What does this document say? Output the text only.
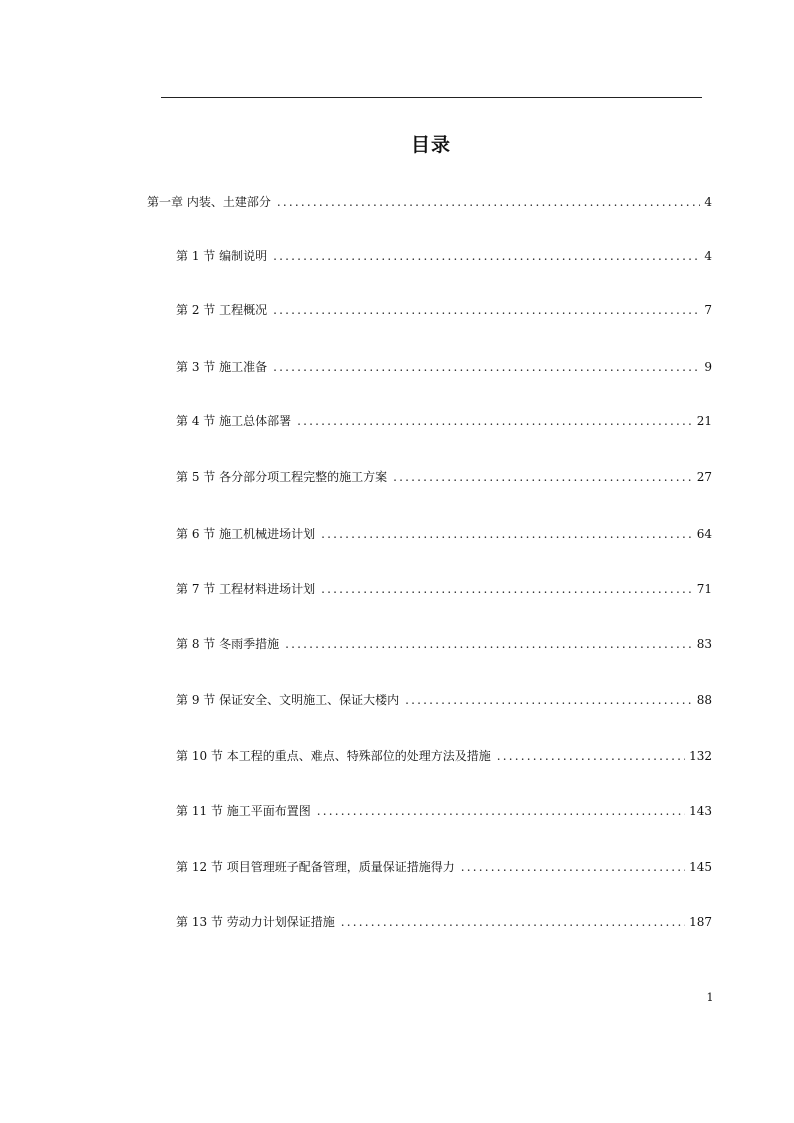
目录
第一章 内装、土建部分 .....	4
第 1 节 编制说明 .....	4
第 2 节 工程概况 .....	7
第 3 节 施工准备 .....	9
第 4 节 施工总体部署 .....	21
第 5 节 各分部分项工程完整的施工方案 .....	27
第 6 节 施工机械进场计划 .....	64
第 7 节 工程材料进场计划 .....	71
第 8 节 冬雨季措施 .....	83
第 9 节 保证安全、文明施工、保证大楼内 .....	88
第 10 节 本工程的重点、难点、特殊部位的处理方法及措施 .....	132
第 11 节 施工平面布置图 .....	143
第 12 节 项目管理班子配备管理，质量保证措施得力 .....	145
第 13 节 劳动力计划保证措施 .....	187
1
